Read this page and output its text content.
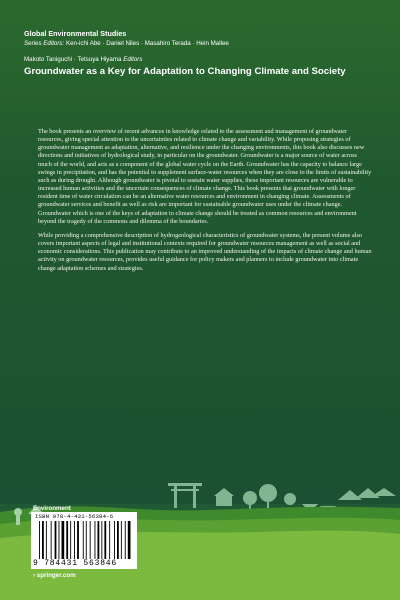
Global Environmental Studies
Series Editors: Ken-ichi Abe · Daniel Niles · Masahiro Terada · Hein Mallee
Makoto Taniguchi · Tetsuya Hiyama Editors
Groundwater as a Key for Adaptation to Changing Climate and Society

The book presents an overview of recent advances in knowledge related to the assessment and management of groundwater resources, giving special attention to the uncertainties related to climate change and variability. While proposing strategies of groundwater management as adaptation, alternative, and resilience under the changing environments, this book also discusses new directions and initiatives of hydrological study, in particular on the groundwater. Groundwater is a major source of water across much of the world, and acts as a component of the global water cycle on the Earth. Groundwater has the capacity to balance large swings in precipitation, and has the potential to supplement surface-water resources when they are close to the limits of sustainability such as during drought. Although groundwater is pivotal to sustain water supplies, these important resources are vulnerable to increased human activities and the uncertain consequences of climate change. This book presents that groundwater with longer resident time of water circulation can be an alternative water resources and environment in changing climate. Assessments of groundwater services and benefit as well as risk are important for sustainable groundwater uses under the climate change. Groundwater which is one of the keys of adaptation to climate change should be treated as common resources and environment beyond the tragedy of the commons and dilemma of the boundaries.

While providing a comprehensive description of hydrogeological characteristics of groundwater systems, the present volume also covers important aspects of legal and institutional contexts required for groundwater resources management as well as social and economic considerations. This publication may contribute to an improved understanding of the impacts of climate change and human activity on groundwater resources, provides useful guidance for policy makers and planners to include groundwater into climate change adaptation schemes and strategies.

Environment
ISBN 978-4-431-56384-6
9 784431 563846
› springer.com
